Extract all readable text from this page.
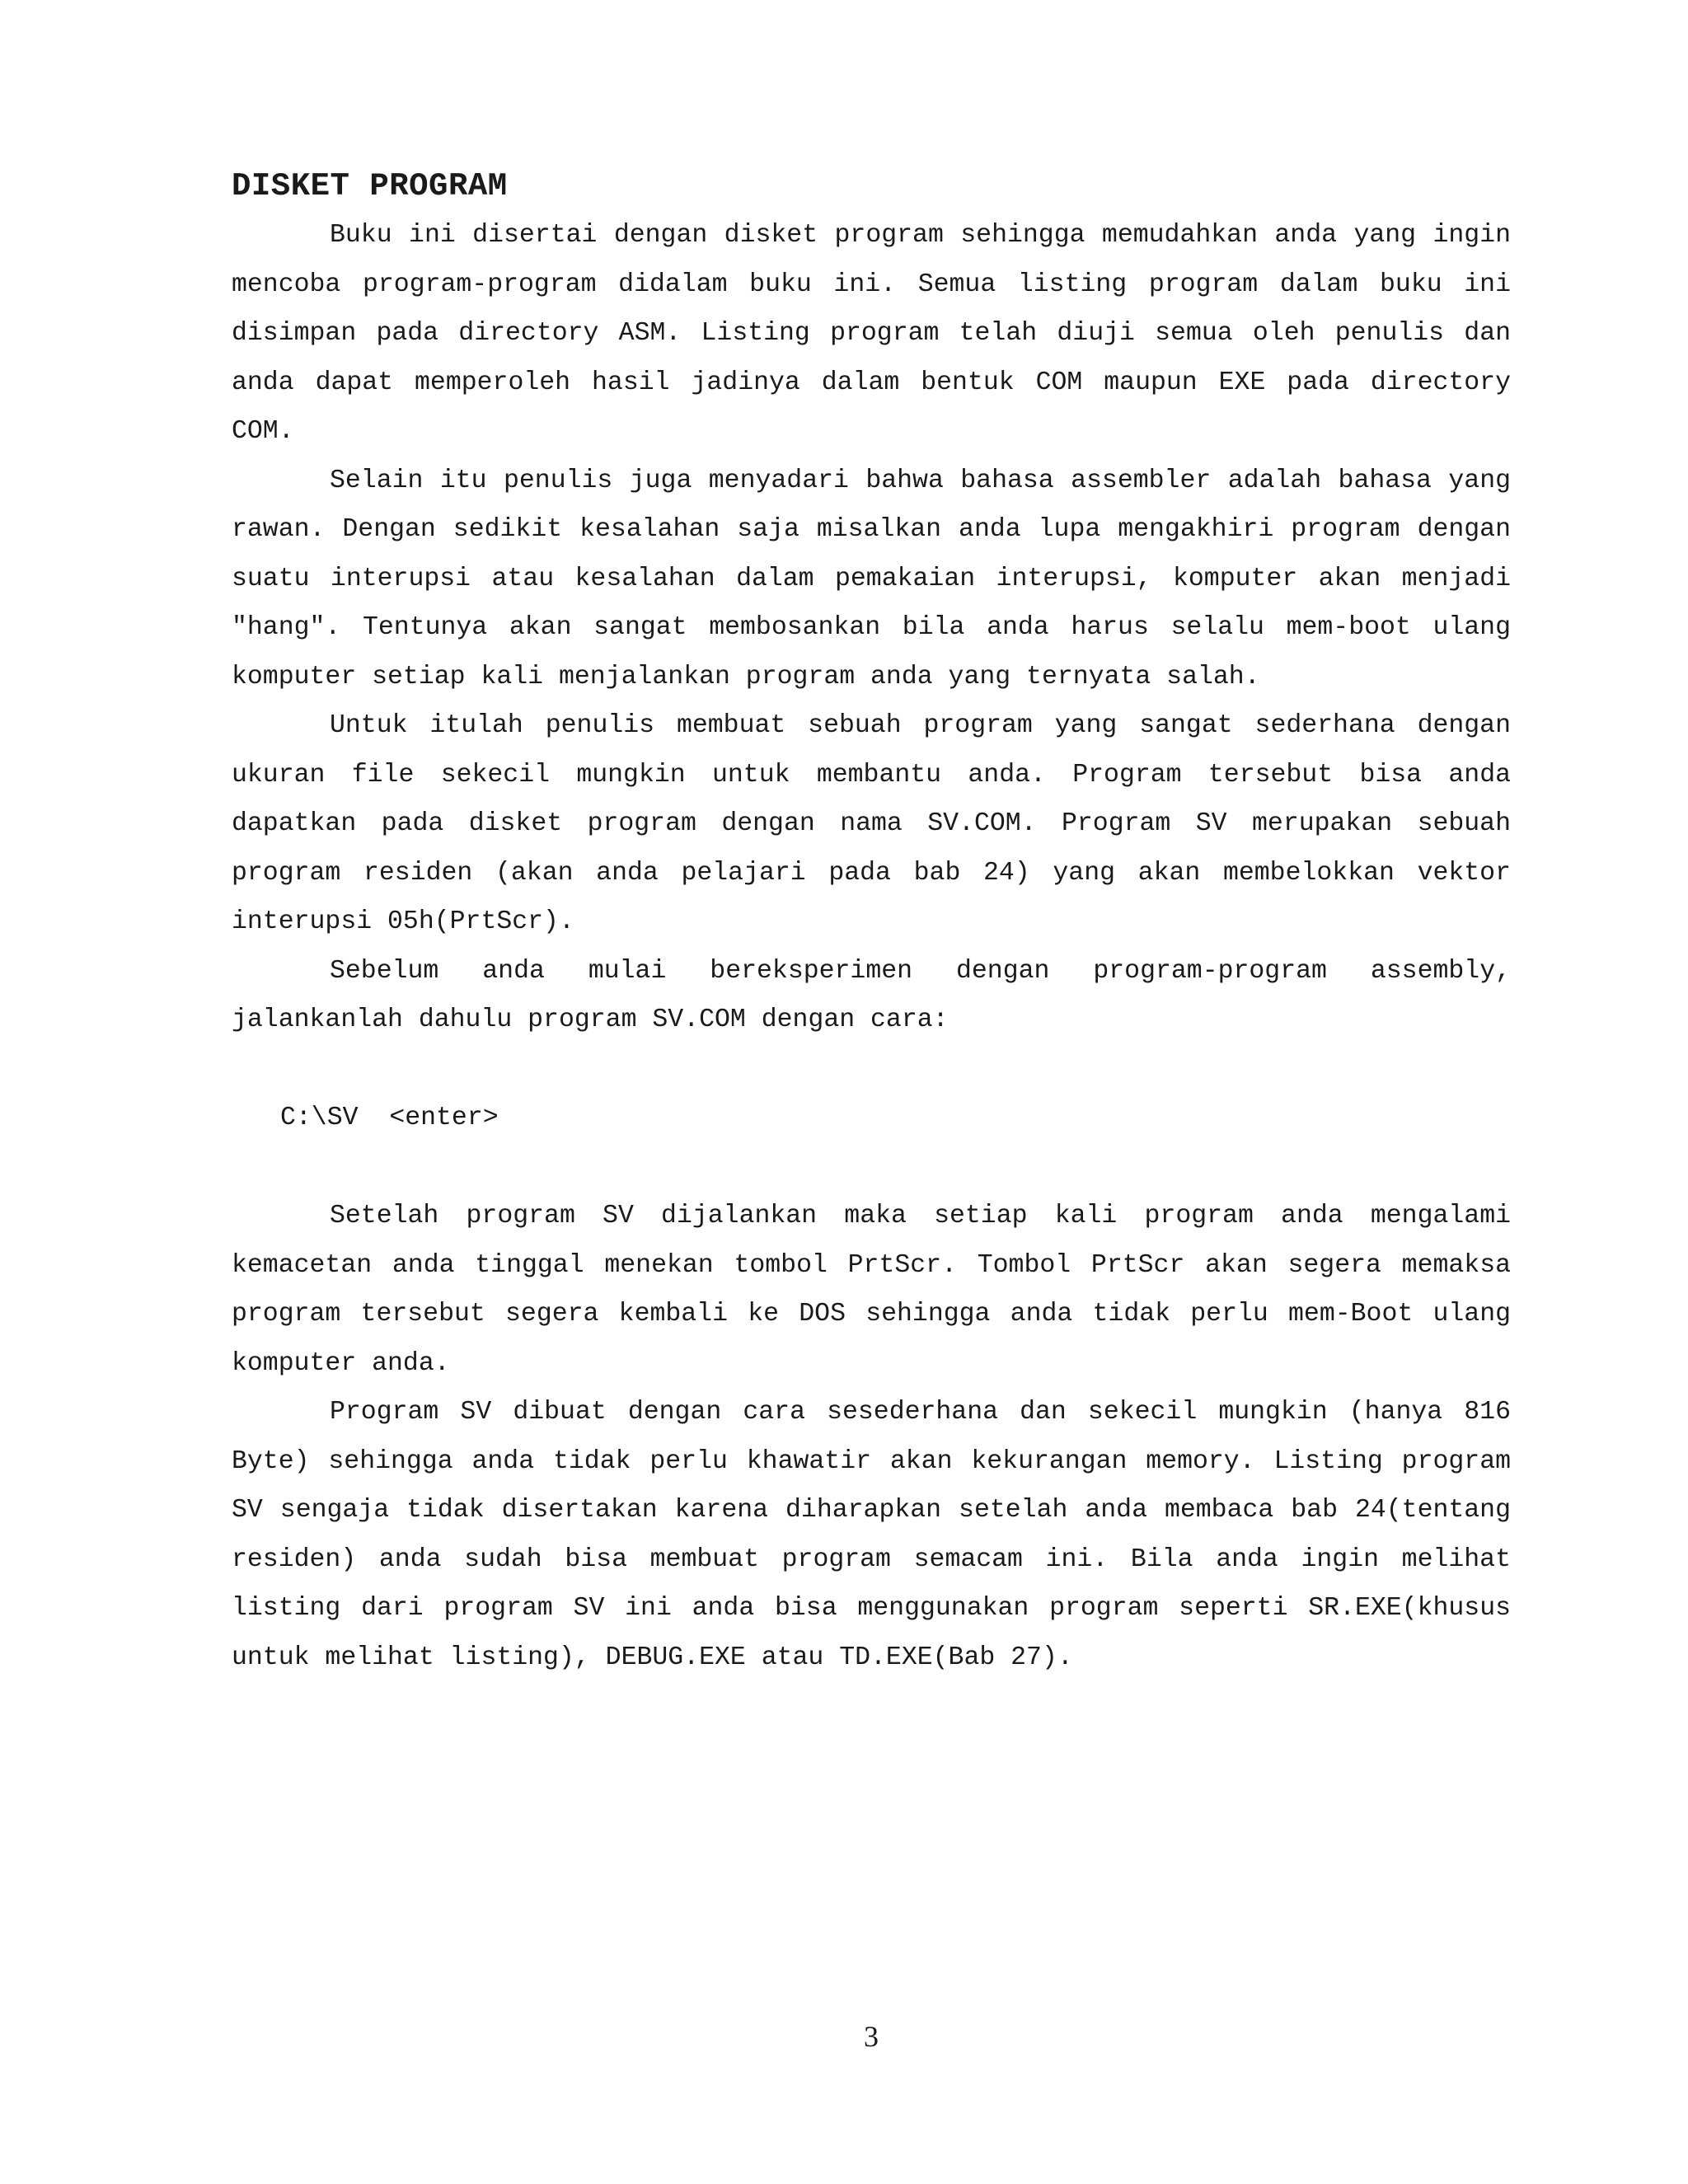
DISKET PROGRAM

Buku ini disertai dengan disket program sehingga memudahkan anda yang ingin mencoba program-program didalam buku ini. Semua listing program dalam buku ini disimpan pada directory ASM. Listing program telah diuji semua oleh penulis dan anda dapat memperoleh hasil jadinya dalam bentuk COM maupun EXE pada directory COM.

Selain itu penulis juga menyadari bahwa bahasa assembler adalah bahasa yang rawan. Dengan sedikit kesalahan saja misalkan anda lupa mengakhiri program dengan suatu interupsi atau kesalahan dalam pemakaian interupsi, komputer akan menjadi "hang". Tentunya akan sangat membosankan bila anda harus selalu mem-boot ulang komputer setiap kali menjalankan program anda yang ternyata salah.

Untuk itulah penulis membuat sebuah program yang sangat sederhana dengan ukuran file sekecil mungkin untuk membantu anda. Program tersebut bisa anda dapatkan pada disket program dengan nama SV.COM. Program SV merupakan sebuah program residen (akan anda pelajari pada bab 24) yang akan membelokkan vektor interupsi 05h(PrtScr).

Sebelum anda mulai bereksperimen dengan program-program assembly, jalankanlah dahulu program SV.COM dengan cara:

C:\SV  <enter>

Setelah program SV dijalankan maka setiap kali program anda mengalami kemacetan anda tinggal menekan tombol PrtScr. Tombol PrtScr akan segera memaksa program tersebut segera kembali ke DOS sehingga anda tidak perlu mem-Boot ulang komputer anda.

Program SV dibuat dengan cara sesederhana dan sekecil mungkin (hanya 816 Byte) sehingga anda tidak perlu khawatir akan kekurangan memory. Listing program SV sengaja tidak disertakan karena diharapkan setelah anda membaca bab 24(tentang residen) anda sudah bisa membuat program semacam ini. Bila anda ingin melihat listing dari program SV ini anda bisa menggunakan program seperti SR.EXE(khusus untuk melihat listing), DEBUG.EXE atau TD.EXE(Bab 27).

3
